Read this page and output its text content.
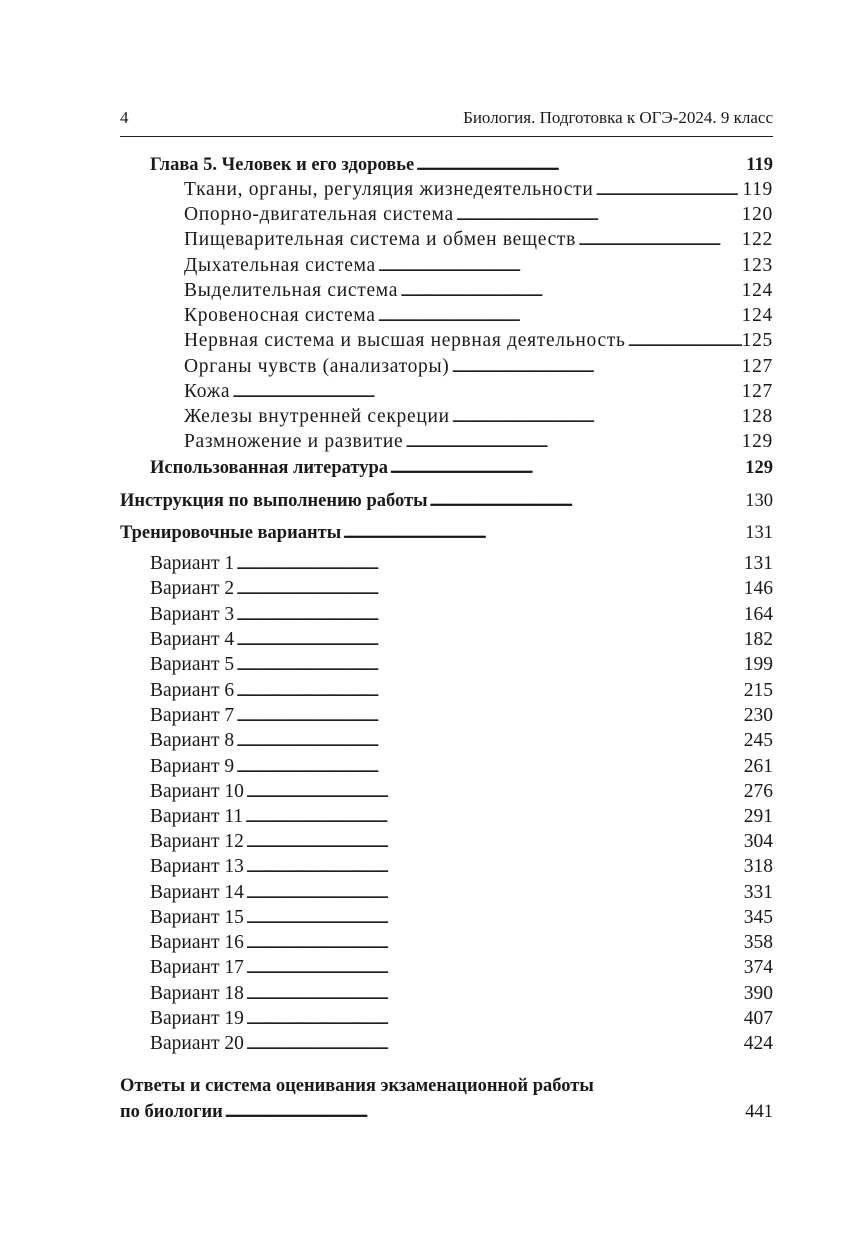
4	Биология. Подготовка к ОГЭ-2024. 9 класс
Глава 5. Человек и его здоровье . . .	119
Ткани, органы, регуляция жизнедеятельности . . .	119
Опорно-двигательная система . . .	120
Пищеварительная система и обмен веществ . . .	122
Дыхательная система . . .	123
Выделительная система . . .	124
Кровеносная система . . .	124
Нервная система и высшая нервная деятельность . . .	125
Органы чувств (анализаторы) . . .	127
Кожа . . .	127
Железы внутренней секреции . . .	128
Размножение и развитие . . .	129
Использованная литература . . .	129
Инструкция по выполнению работы . . .	130
Тренировочные варианты . . .	131
Вариант 1 . . .	131
Вариант 2 . . .	146
Вариант 3 . . .	164
Вариант 4 . . .	182
Вариант 5 . . .	199
Вариант 6 . . .	215
Вариант 7 . . .	230
Вариант 8 . . .	245
Вариант 9 . . .	261
Вариант 10 . . .	276
Вариант 11 . . .	291
Вариант 12 . . .	304
Вариант 13 . . .	318
Вариант 14 . . .	331
Вариант 15 . . .	345
Вариант 16 . . .	358
Вариант 17 . . .	374
Вариант 18 . . .	390
Вариант 19 . . .	407
Вариант 20 . . .	424
Ответы и система оценивания экзаменационной работы
по биологии . . .	441
